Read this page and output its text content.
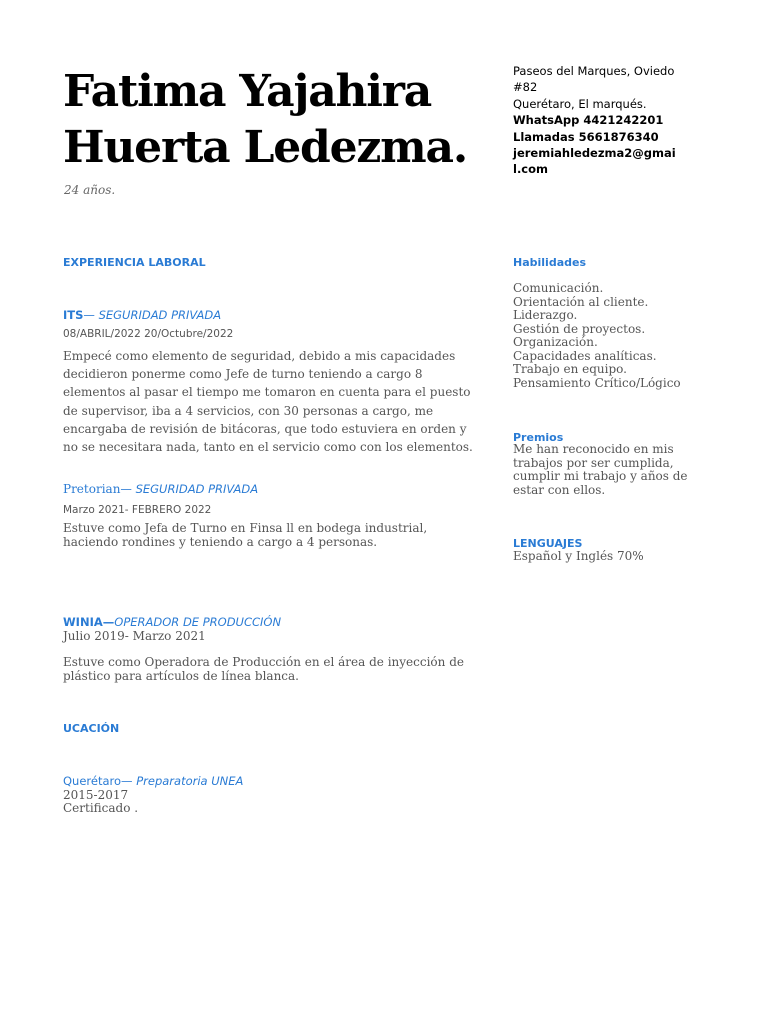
Fatima Yajahira
Huerta Ledezma.
24 años.
Paseos del Marques, Oviedo
#82
Querétaro, El marqués.
WhatsApp 4421242201
Llamadas 5661876340
jeremiahledezma2@gmail.com
EXPERIENCIA LABORAL
ITS— SEGURIDAD PRIVADA
08/ABRIL/2022 20/Octubre/2022
Empecé como elemento de seguridad, debido a mis capacidades decidieron ponerme como Jefe de turno teniendo a cargo 8 elementos al pasar el tiempo me tomaron en cuenta para el puesto de supervisor, iba a 4 servicios, con 30 personas a cargo, me encargaba de revisión de bitácoras, que todo estuviera en orden y no se necesitara nada, tanto en el servicio como con los elementos.
Pretorian— SEGURIDAD PRIVADA
Marzo 2021- FEBRERO 2022
Estuve como Jefa de Turno en Finsa ll en bodega industrial, haciendo rondines y teniendo a cargo a 4 personas.
WINIA—OPERADOR DE PRODUCCIÓN
Julio 2019- Marzo 2021
Estuve como Operadora de Producción en el área de inyección de plástico para artículos de línea blanca.
UCACIÓN
Querétaro— Preparatoria UNEA
2015-2017
Certificado .
Habilidades
Comunicación.
Orientación al cliente.
Liderazgo.
Gestión de proyectos.
Organización.
Capacidades analíticas.
Trabajo en equipo.
Pensamiento Crítico/Lógico
Premios
Me han reconocido en mis trabajos por ser cumplida, cumplir mi trabajo y años de estar con ellos.
LENGUAJES
Español y Inglés 70%
